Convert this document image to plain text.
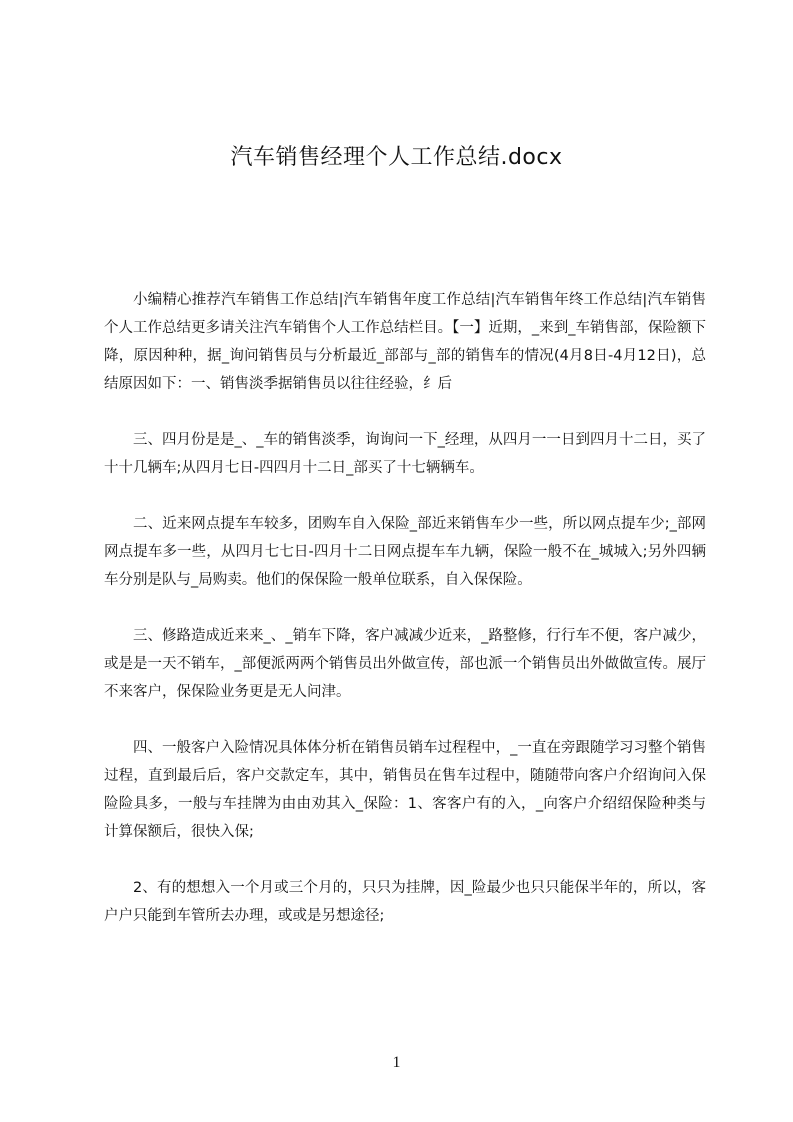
汽车销售经理个人工作总结.docx

小编精心推荐汽车销售工作总结|汽车销售年度工作总结|汽车销售年终工作总结|汽车销售个人工作总结更多请关注汽车销售个人工作总结栏目。【一】近期，_来到_车销售部，保险额下降，原因种种，据_询问销售员与分析最近_部部与_部的销售车的情况(4月8日-4月12日)，总结原因如下：一、销售淡季据销售员以往往经验，纟后

三、四月份是是_、_车的销售淡季，询询问一下_经理，从四月一一日到四月十二日，买了十十几辆车;从四月七日-四四月十二日_部买了十七辆辆车。

二、近来网点提车车较多，团购车自入保险_部近来销售车少一些，所以网点提车少;_部网网点提车多一些，从四月七七日-四月十二日网点提车车九辆，保险一般不在_城城入;另外四辆车分别是队与_局购卖。他们的保保险一般单位联系，自入保保险。

三、修路造成近来来_、_销车下降，客户减减少近来，_路整修，行行车不便，客户减少，或是是一天不销车，_部便派两两个销售员出外做宣传，部也派一个销售员出外做做宣传。展厅不来客户，保保险业务更是无人问津。

四、一般客户入险情况具体体分析在销售员销车过程程中，_一直在旁跟随学习习整个销售过程，直到最后后，客户交款定车，其中，销售员在售车过程中，随随带向客户介绍询问入保险险具多，一般与车挂牌为由由劝其入_保险：1、客客户有的入，_向客户介绍绍保险种类与计算保额后，很快入保;

2、有的想想入一个月或三个月的，只只为挂牌，因_险最少也只只能保半年的，所以，客户户只能到车管所去办理，或或是另想途径;

1
